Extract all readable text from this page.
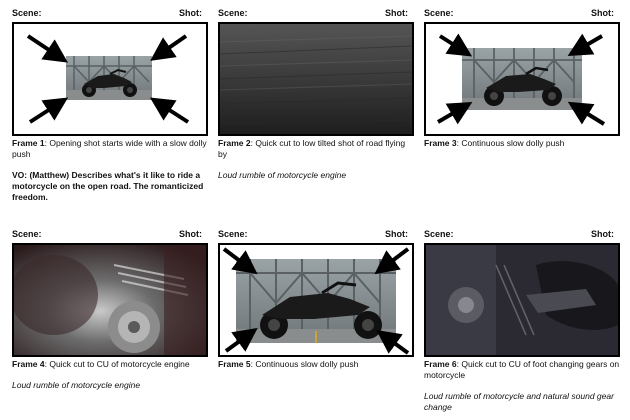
Scene:	Shot:
Frame 1: Opening shot starts wide with a slow dolly push
VO: (Matthew) Describes what's it like to ride a motorcycle on the open road. The romanticized freedom.
Scene:	Shot:
Frame 2: Quick cut to low tilted shot of road flying by
Loud rumble of motorcycle engine
Scene:	Shot:
Frame 3: Continuous slow dolly push
Scene:	Shot:
Frame 4: Quick cut to CU of motorcycle engine
Loud rumble of motorcycle engine
Scene:	Shot:
Frame 5: Continuous slow dolly push
Scene:	Shot:
Frame 6: Quick cut to CU of foot changing gears on motorcycle
Loud rumble of motorcycle and natural sound gear change
